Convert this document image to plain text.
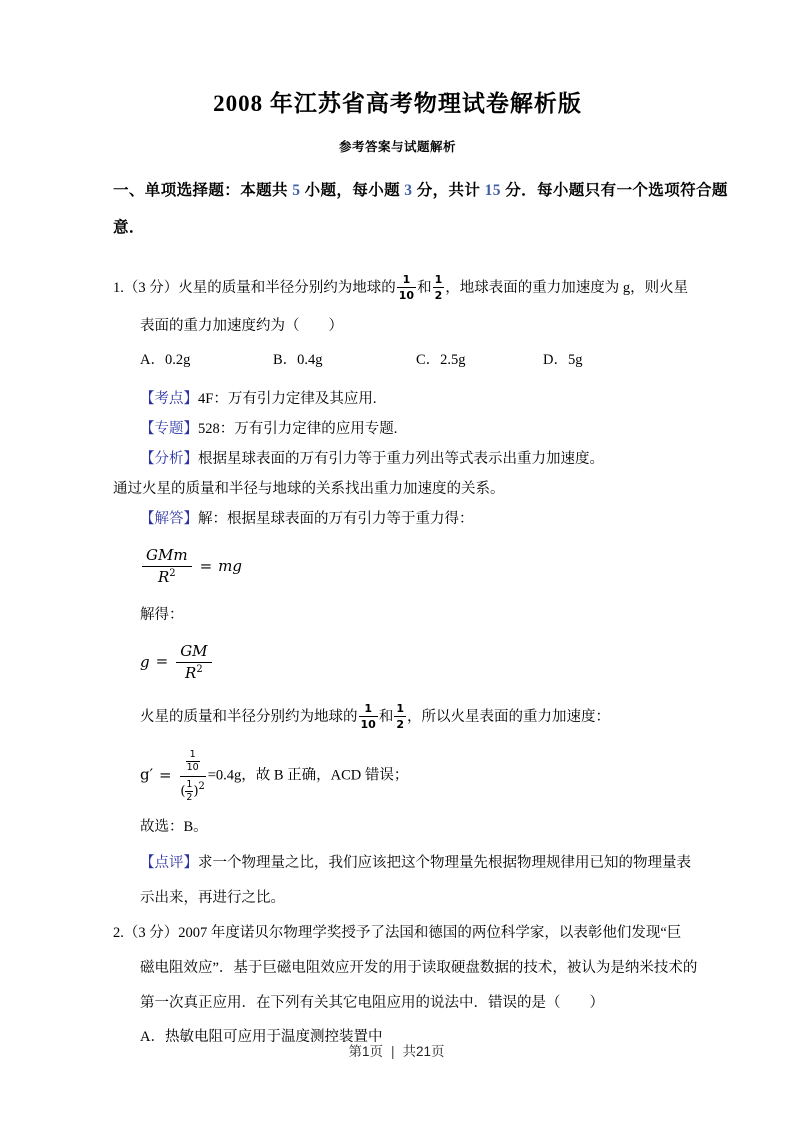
2008 年江苏省高考物理试卷解析版
参考答案与试题解析
一、单项选择题：本题共 5 小题，每小题 3 分，共计 15 分．每小题只有一个选项符合题
意．
1.（3 分）火星的质量和半径分别约为地球的 $\frac{1}{10}$ 和 $\frac{1}{2}$ ，地球表面的重力加速度为 g，则火星
表面的重力加速度约为（　　）
A．0.2g	B．0.4g	C．2.5g	D．5g
【考点】4F：万有引力定律及其应用.
【专题】528：万有引力定律的应用专题.
【分析】根据星球表面的万有引力等于重力列出等式表示出重力加速度。
通过火星的质量和半径与地球的关系找出重力加速度的关系。
【解答】解：根据星球表面的万有引力等于重力得：
GMm
$R^2$	= mg
解得：
$g = \frac{GM}{R^2}$
火星的质量和半径分别约为地球的 $\frac{1}{10}$ 和 $\frac{1}{2}$ ，所以火星表面的重力加速度：
$g' = \frac{\frac{1}{10}}{( \frac{1}{2} )^2} =0.4g$，故 B 正确，ACD 错误；
故选：B。
【点评】求一个物理量之比，我们应该把这个物理量先根据物理规律用已知的物理量表
示出来，再进行之比。
2.（3 分）2007 年度诺贝尔物理学奖授予了法国和德国的两位科学家，以表彰他们发现“巨
磁电阻效应”．基于巨磁电阻效应开发的用于读取硬盘数据的技术，被认为是纳米技术的
第一次真正应用．在下列有关其它电阻应用的说法中．错误的是（　　）
A．热敏电阻可应用于温度测控装置中
第1页 | 共21页
